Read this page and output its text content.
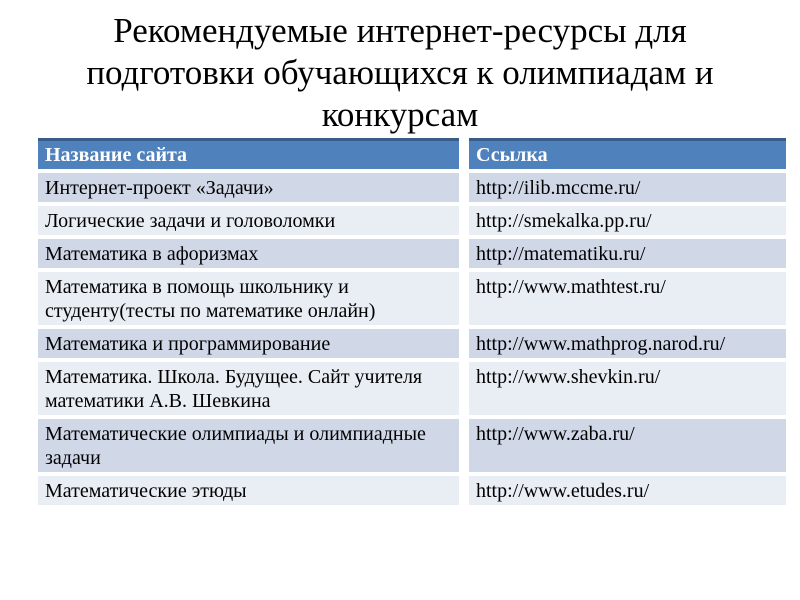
Рекомендуемые интернет-ресурсы для
подготовки обучающихся к олимпиадам и
конкурсам
Название сайта	Ссылка
Интернет-проект «Задачи»	http://ilib.mccme.ru/
Логические задачи и головоломки	http://smekalka.pp.ru/
Математика в афоризмах	http://matematiku.ru/
Математика в помощь школьнику и студенту(тесты по математике онлайн)	http://www.mathtest.ru/
Математика и программирование	http://www.mathprog.narod.ru/
Математика. Школа. Будущее. Сайт учителя математики А.В. Шевкина	http://www.shevkin.ru/
Математические олимпиады и олимпиадные задачи	http://www.zaba.ru/
Математические этюды	http://www.etudes.ru/
